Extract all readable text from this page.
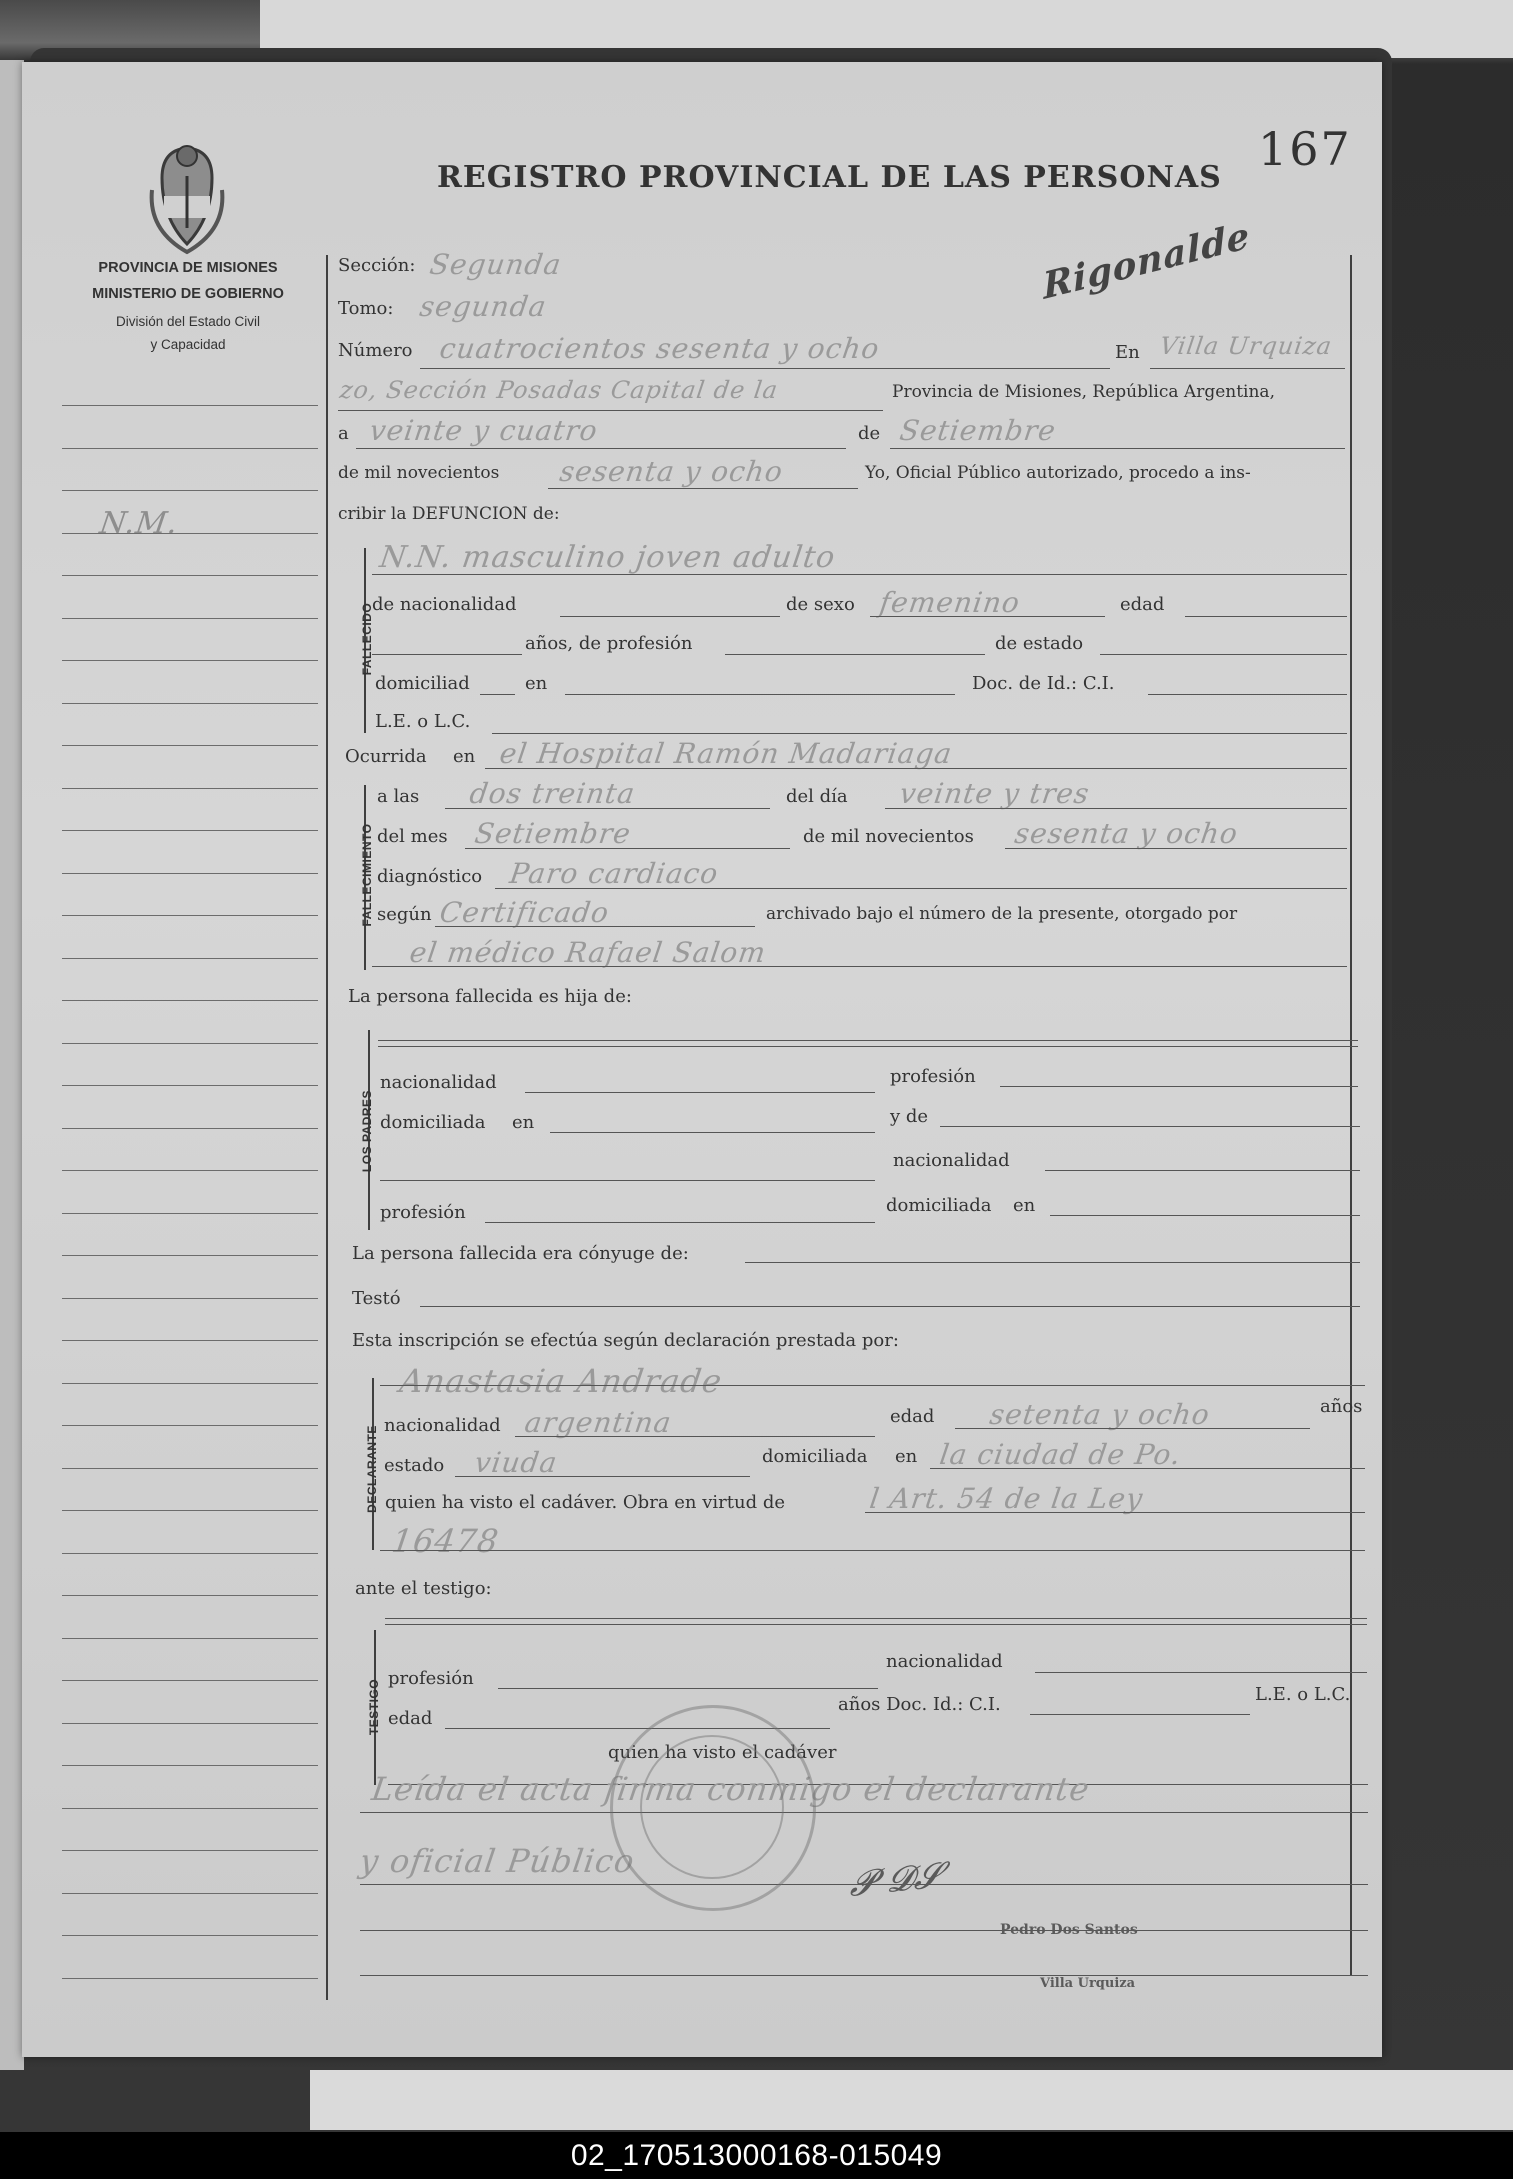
REGISTRO PROVINCIAL DE LAS PERSONAS
167
PROVINCIA DE MISIONES
MINISTERIO DE GOBIERNO
División del Estado Civil
y Capacidad
N.M.
Rigonalde
Sección: Segunda
Tomo: segunda
Número cuatrocientos sesenta y ocho	En Villa Urquiza
zo, Sección Posadas Capital de la	Provincia de Misiones, República Argentina,
a veinte y cuatro	de Setiembre
de mil novecientos sesenta y ocho	Yo, Oficial Público autorizado, procedo a ins-
cribir la DEFUNCION de:
FALLECIDO
N.N. masculino joven adulto
de nacionalidad	de sexo femenino	edad
años, de profesión	de estado
domiciliad	en	Doc. de Id.: C.I.
L.E. o L.C.
Ocurrida en el Hospital Ramón Madariaga
FALLECIMIENTO
a las dos treinta	del día veinte y tres
del mes Setiembre	de mil novecientos sesenta y ocho
diagnóstico Paro cardiaco
según Certificado	archivado bajo el número de la presente, otorgado por
el médico Rafael Salom
La persona fallecida es hija de:
LOS PADRES
nacionalidad	profesión
domiciliada en	y de
nacionalidad
profesión	domiciliada en
La persona fallecida era cónyuge de:
Testó
Esta inscripción se efectúa según declaración prestada por:
DECLARANTE
Anastasia Andrade
nacionalidad argentina	edad setenta y ocho	años
estado viuda	domiciliada en la ciudad de Po.
quien ha visto el cadáver. Obra en virtud de	l Art. 54 de la Ley
16478
ante el testigo:
TESTIGO
profesión
nacionalidad
edad
años Doc. Id.: C.I.	L.E. o L.C.
quien ha visto el cadáver
Leída el acta firma conmigo el declarante
y oficial Público	𝓟 𝓓𝓢
Pedro Dos Santos
Villa Urquiza
02_170513000168-015049
